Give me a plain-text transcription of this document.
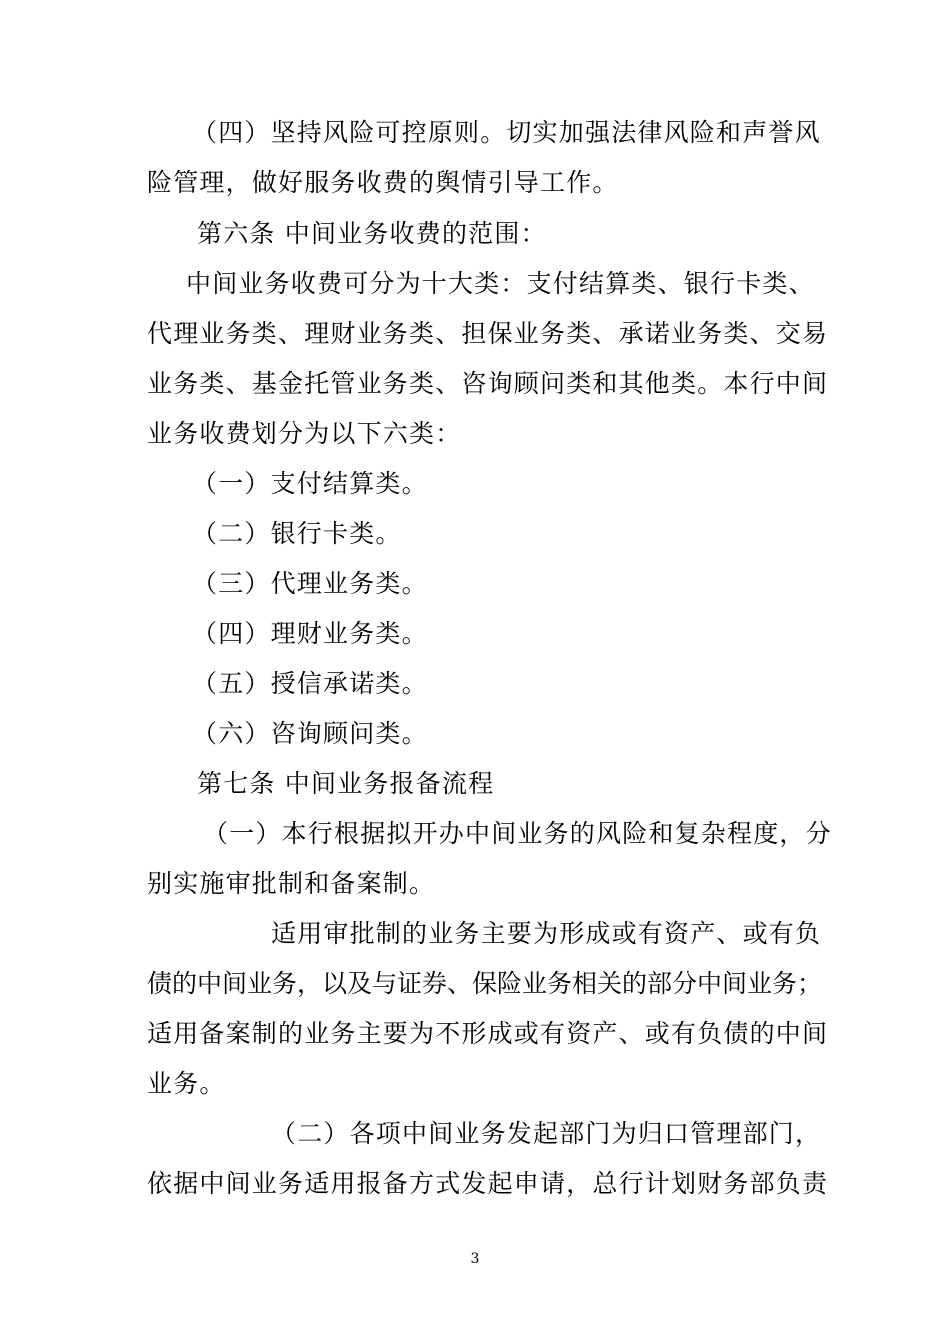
（四）坚持风险可控原则。切实加强法律风险和声誉风
险管理，做好服务收费的舆情引导工作。
第六条 中间业务收费的范围：
中间业务收费可分为十大类：支付结算类、银行卡类、
代理业务类、理财业务类、担保业务类、承诺业务类、交易
业务类、基金托管业务类、咨询顾问类和其他类。本行中间
业务收费划分为以下六类：
（一）支付结算类。
（二）银行卡类。
（三）代理业务类。
（四）理财业务类。
（五）授信承诺类。
（六）咨询顾问类。
第七条 中间业务报备流程
（一）本行根据拟开办中间业务的风险和复杂程度，分
别实施审批制和备案制。
适用审批制的业务主要为形成或有资产、或有负
债的中间业务，以及与证券、保险业务相关的部分中间业务；
适用备案制的业务主要为不形成或有资产、或有负债的中间
业务。
（二）各项中间业务发起部门为归口管理部门，
依据中间业务适用报备方式发起申请，总行计划财务部负责
3
